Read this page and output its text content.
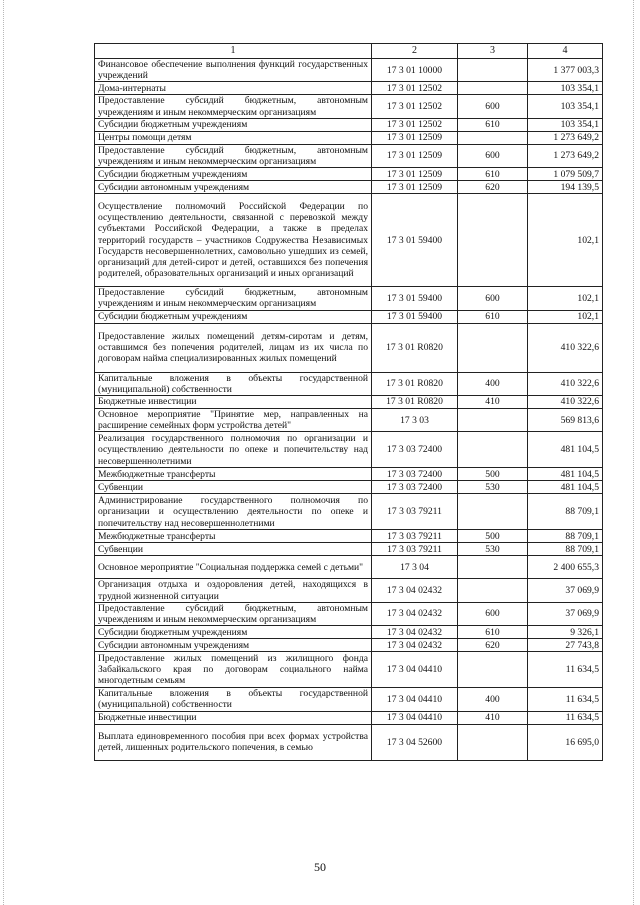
1	2	3	4
Финансовое обеспечение выполнения функций государственных учреждений	17 3 01 10000		1 377 003,3
Дома-интернаты	17 3 01 12502		103 354,1
Предоставление субсидий бюджетным, автономным учреждениям и иным некоммерческим организациям	17 3 01 12502	600	103 354,1
Субсидии бюджетным учреждениям	17 3 01 12502	610	103 354,1
Центры помощи детям	17 3 01 12509		1 273 649,2
Предоставление субсидий бюджетным, автономным учреждениям и иным некоммерческим организациям	17 3 01 12509	600	1 273 649,2
Субсидии бюджетным учреждениям	17 3 01 12509	610	1 079 509,7
Субсидии автономным учреждениям	17 3 01 12509	620	194 139,5
Осуществление полномочий Российской Федерации по осуществлению деятельности, связанной с перевозкой между субъектами Российской Федерации, а также в пределах территорий государств – участников Содружества Независимых Государств несовершеннолетних, самовольно ушедших из семей, организаций для детей-сирот и детей, оставшихся без попечения родителей, образовательных организаций и иных организаций	17 3 01 59400		102,1
Предоставление субсидий бюджетным, автономным учреждениям и иным некоммерческим организациям	17 3 01 59400	600	102,1
Субсидии бюджетным учреждениям	17 3 01 59400	610	102,1
Предоставление жилых помещений детям-сиротам и детям, оставшимся без попечения родителей, лицам из их числа по договорам найма специализированных жилых помещений	17 3 01 R0820		410 322,6
Капитальные вложения в объекты государственной (муниципальной) собственности	17 3 01 R0820	400	410 322,6
Бюджетные инвестиции	17 3 01 R0820	410	410 322,6
Основное мероприятие "Принятие мер, направленных на расширение семейных форм устройства детей"	17 3 03		569 813,6
Реализация государственного полномочия по организации и осуществлению деятельности по опеке и попечительству над несовершеннолетними	17 3 03 72400		481 104,5
Межбюджетные трансферты	17 3 03 72400	500	481 104,5
Субвенции	17 3 03 72400	530	481 104,5
Администрирование государственного полномочия по организации и осуществлению деятельности по опеке и попечительству над несовершеннолетними	17 3 03 79211		88 709,1
Межбюджетные трансферты	17 3 03 79211	500	88 709,1
Субвенции	17 3 03 79211	530	88 709,1
Основное мероприятие "Социальная поддержка семей с детьми"	17 3 04		2 400 655,3
Организация отдыха и оздоровления детей, находящихся в трудной жизненной ситуации	17 3 04 02432		37 069,9
Предоставление субсидий бюджетным, автономным учреждениям и иным некоммерческим организациям	17 3 04 02432	600	37 069,9
Субсидии бюджетным учреждениям	17 3 04 02432	610	9 326,1
Субсидии автономным учреждениям	17 3 04 02432	620	27 743,8
Предоставление жилых помещений из жилищного фонда Забайкальского края по договорам социального найма многодетным семьям	17 3 04 04410		11 634,5
Капитальные вложения в объекты государственной (муниципальной) собственности	17 3 04 04410	400	11 634,5
Бюджетные инвестиции	17 3 04 04410	410	11 634,5
Выплата единовременного пособия при всех формах устройства детей, лишенных родительского попечения, в семью	17 3 04 52600		16 695,0
50
